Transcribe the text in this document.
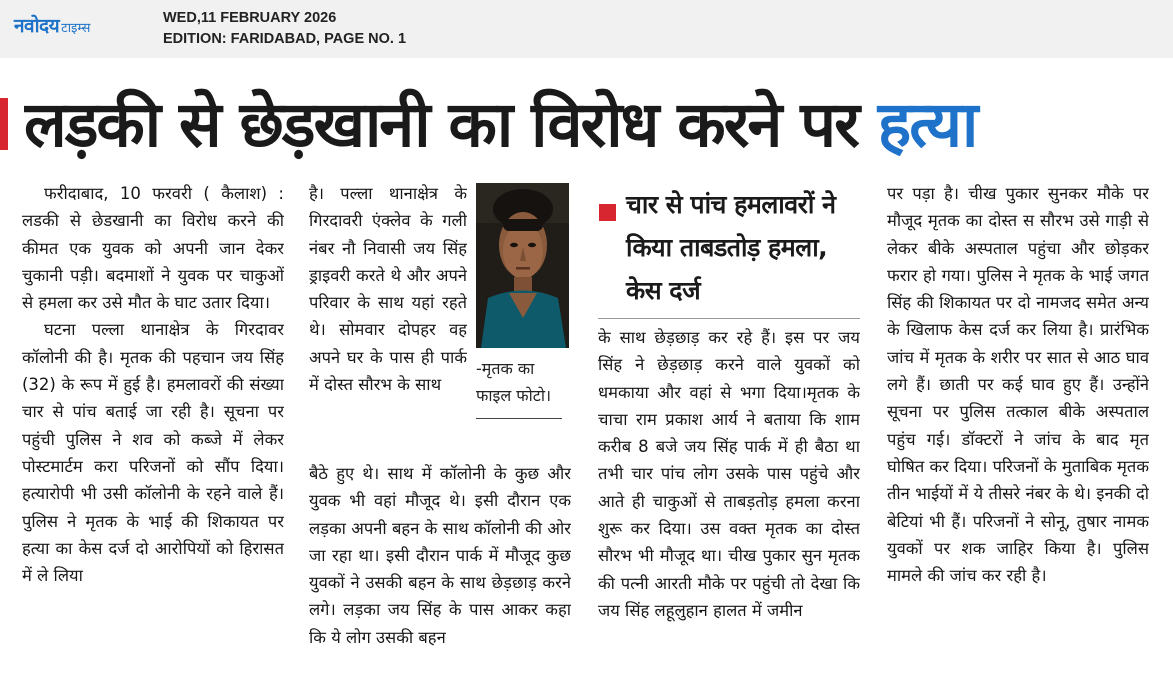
नवोदय टाइम्स
WED,11 FEBRUARY 2026
EDITION: FARIDABAD, PAGE NO. 1
लड़की से छेड़खानी का विरोध करने पर हत्या

फरीदाबाद, 10 फरवरी ( कैलाश) : लडकी से छेडखानी का विरोध करने की कीमत एक युवक को अपनी जान देकर चुकानी पड़ी। बदमाशों ने युवक पर चाकुओं से हमला कर उसे मौत के घाट उतार दिया।

घटना पल्ला थानाक्षेत्र के गिरदावर कॉलोनी की है। मृतक की पहचान जय सिंह (32) के रूप में हुई है। हमलावरों की संख्या चार से पांच बताई जा रही है। सूचना पर पहुंची पुलिस ने शव को कब्जे में लेकर पोस्टमार्टम करा परिजनों को सौंप दिया। हत्यारोपी भी उसी कॉलोनी के रहने वाले हैं। पुलिस ने मृतक के भाई की शिकायत पर हत्या का केस दर्ज दो आरोपियों को हिरासत में ले लिया

है। पल्ला थानाक्षेत्र के गिरदावरी एंक्लेव के गली नंबर नौ निवासी जय सिंह ड्राइवरी करते थे और अपने परिवार के साथ यहां रहते थे। सोमवार दोपहर वह अपने घर के पास ही पार्क में दोस्त सौरभ के साथ

-मृतक का फाइल फोटो।

बैठे हुए थे। साथ में कॉलोनी के कुछ और युवक भी वहां मौजूद थे। इसी दौरान एक लड़का अपनी बहन के साथ कॉलोनी की ओर जा रहा था। इसी दौरान पार्क में मौजूद कुछ युवकों ने उसकी बहन के साथ छेड़छाड़ करने लगे। लड़का जय सिंह के पास आकर कहा कि ये लोग उसकी बहन

चार से पांच हमलावरों ने किया ताबडतोड़ हमला, केस दर्ज

के साथ छेड़छाड़ कर रहे हैं। इस पर जय सिंह ने छेड़छाड़ करने वाले युवकों को धमकाया और वहां से भगा दिया।मृतक के चाचा राम प्रकाश आर्य ने बताया कि शाम करीब 8 बजे जय सिंह पार्क में ही बैठा था तभी चार पांच लोग उसके पास पहुंचे और आते ही चाकुओं से ताबड़तोड़ हमला करना शुरू कर दिया। उस वक्त मृतक का दोस्त सौरभ भी मौजूद था। चीख पुकार सुन मृतक की पत्नी आरती मौके पर पहुंची तो देखा कि जय सिंह लहूलुहान हालत में जमीन

पर पड़ा है। चीख पुकार सुनकर मौके पर मौजूद मृतक का दोस्त स सौरभ उसे गाड़ी से लेकर बीके अस्पताल पहुंचा और छोड़कर फरार हो गया। पुलिस ने मृतक के भाई जगत सिंह की शिकायत पर दो नामजद समेत अन्य के खिलाफ केस दर्ज कर लिया है। प्रारंभिक जांच में मृतक के शरीर पर सात से आठ घाव लगे हैं। छाती पर कई घाव हुए हैं। उन्होंने सूचना पर पुलिस तत्काल बीके अस्पताल पहुंच गई। डॉक्टरों ने जांच के बाद मृत घोषित कर दिया। परिजनों के मुताबिक मृतक तीन भाईयों में ये तीसरे नंबर के थे। इनकी दो बेटियां भी हैं। परिजनों ने सोनू, तुषार नामक युवकों पर शक जाहिर किया है। पुलिस मामले की जांच कर रही है।
